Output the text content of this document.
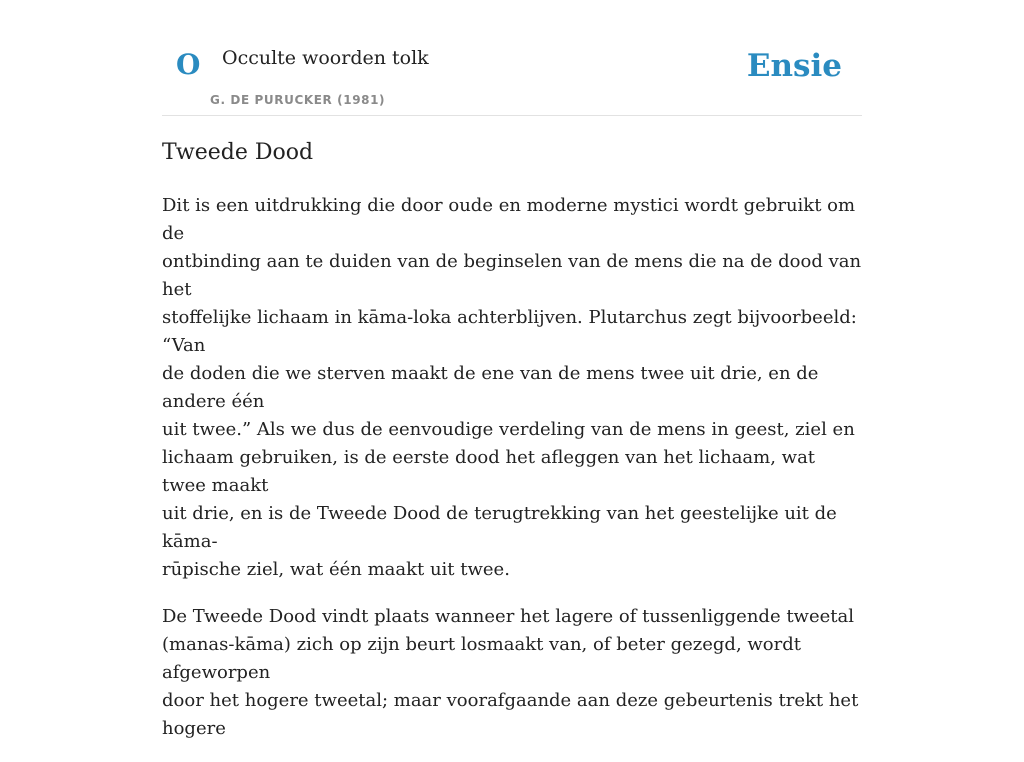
O Occulte woorden tolk
G. DE PURUCKER (1981)
Ensie
Tweede Dood

Dit is een uitdrukking die door oude en moderne mystici wordt gebruikt om de
ontbinding aan te duiden van de beginselen van de mens die na de dood van het
stoffelijke lichaam in kāma-loka achterblijven. Plutarchus zegt bijvoorbeeld: “Van
de doden die we sterven maakt de ene van de mens twee uit drie, en de andere één
uit twee.” Als we dus de eenvoudige verdeling van de mens in geest, ziel en
lichaam gebruiken, is de eerste dood het afleggen van het lichaam, wat twee maakt
uit drie, en is de Tweede Dood de terugtrekking van het geestelijke uit de kāma-
rūpische ziel, wat één maakt uit twee.

De Tweede Dood vindt plaats wanneer het lagere of tussenliggende tweetal
(manas-kāma) zich op zijn beurt losmaakt van, of beter gezegd, wordt afgeworpen
door het hogere tweetal; maar voorafgaande aan deze gebeurtenis trekt het hogere
